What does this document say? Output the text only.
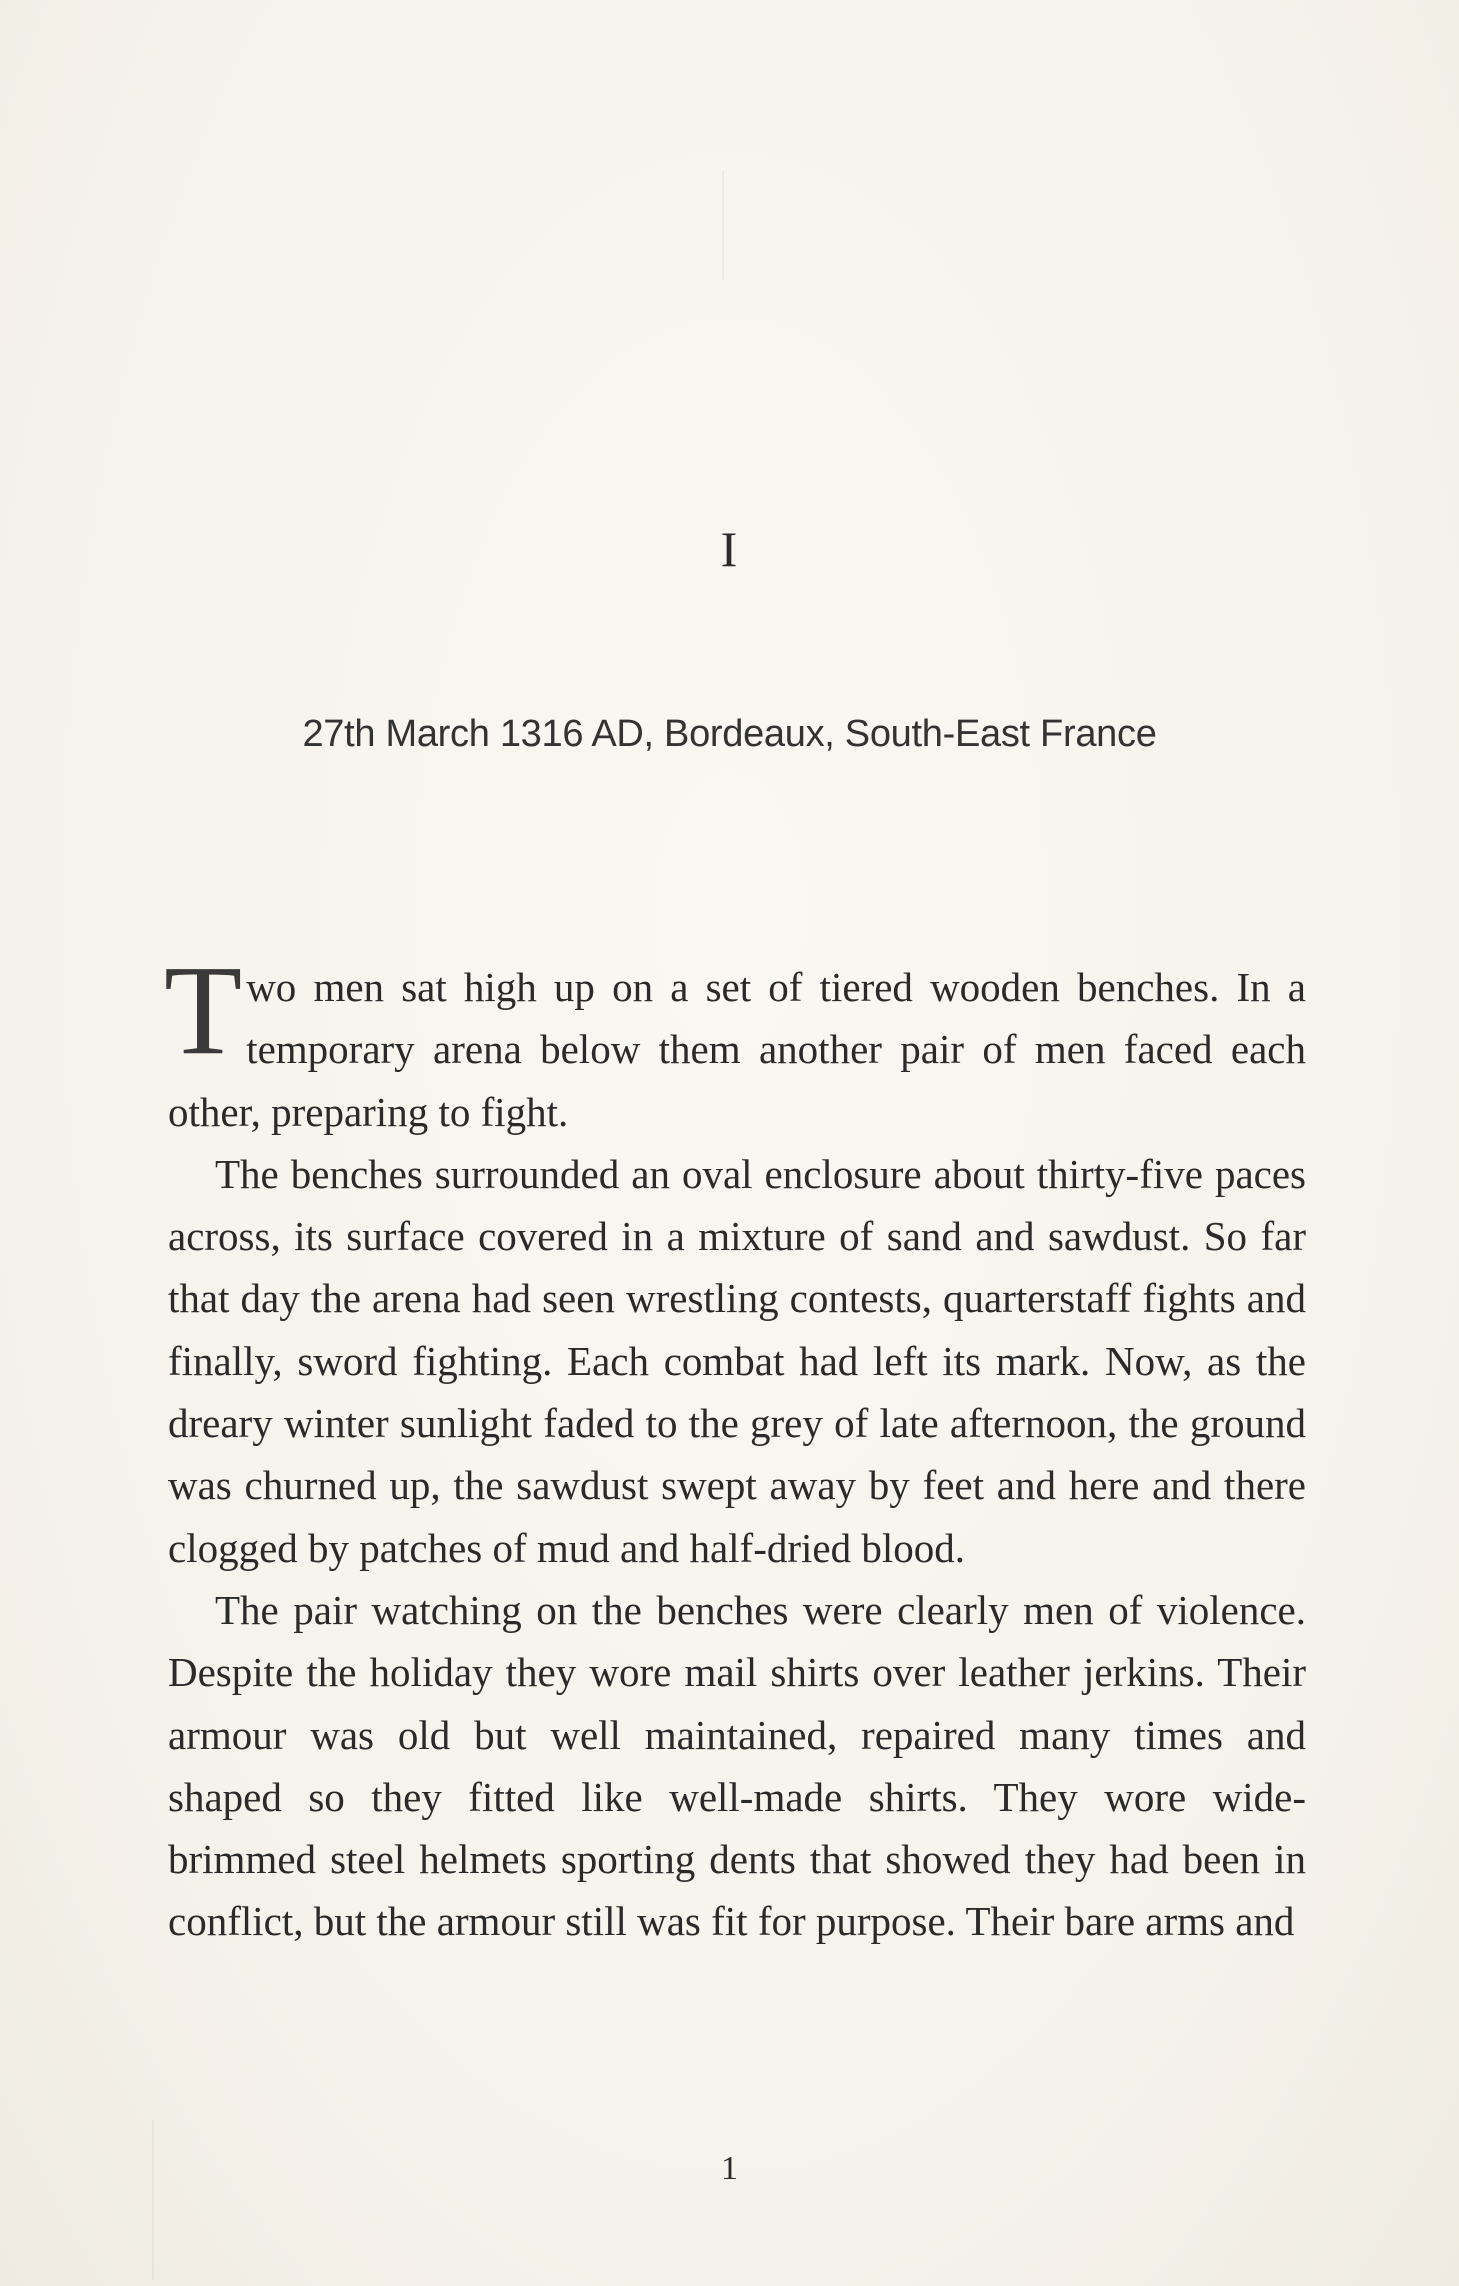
I
27th March 1316 AD, Bordeaux, South-East France

Two men sat high up on a set of tiered wooden benches. In a temporary arena below them another pair of men faced each other, preparing to fight.

The benches surrounded an oval enclosure about thirty-five paces across, its surface covered in a mixture of sand and sawdust. So far that day the arena had seen wrestling contests, quarterstaff fights and finally, sword fighting. Each combat had left its mark. Now, as the dreary winter sunlight faded to the grey of late afternoon, the ground was churned up, the sawdust swept away by feet and here and there clogged by patches of mud and half-dried blood.

The pair watching on the benches were clearly men of violence. Despite the holiday they wore mail shirts over leather jerkins. Their armour was old but well maintained, repaired many times and shaped so they fitted like well-made shirts. They wore wide-brimmed steel helmets sporting dents that showed they had been in conflict, but the armour still was fit for purpose. Their bare arms and

1
